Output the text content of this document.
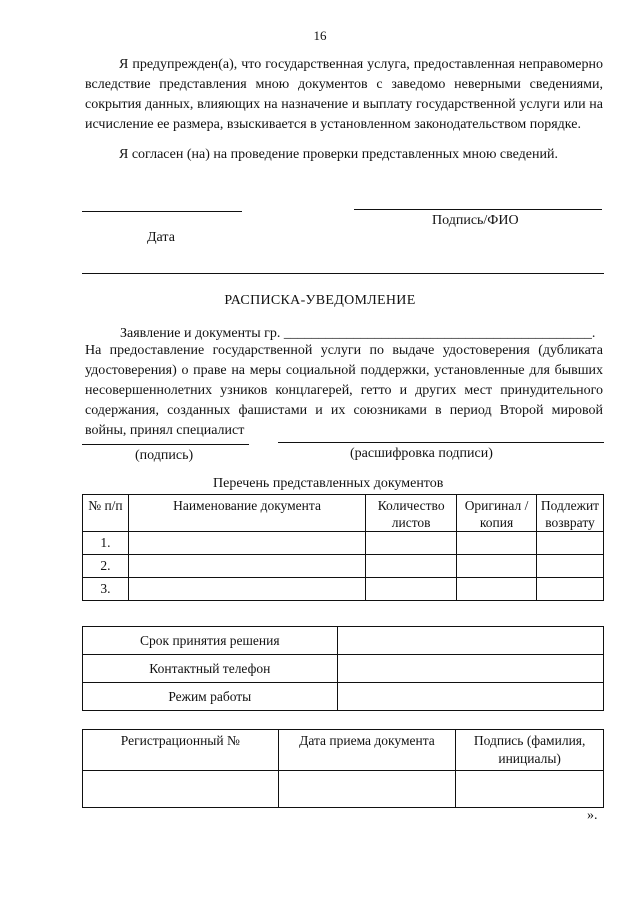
16
Я предупрежден(а), что государственная услуга, предоставленная неправомерно вследствие представления мною документов с заведомо неверными сведениями, сокрытия данных, влияющих на назначение и выплату государственной услуги или на исчисление ее размера, взыскивается в установленном законодательством порядке.
Я согласен (на) на проведение проверки представленных мною сведений.
Подпись/ФИО
Дата
РАСПИСКА-УВЕДОМЛЕНИЕ
Заявление и документы гр. ____________________________________________.
На предоставление государственной услуги по выдаче удостоверения (дубликата удостоверения) о праве на меры социальной поддержки, установленные для бывших несовершеннолетних узников концлагерей, гетто и других мест принудительного содержания, созданных фашистами и их союзниками в период Второй мировой войны, принял специалист
(подпись)	(расшифровка подписи)
Перечень представленных документов
№ п/п	Наименование документа	Количество листов	Оригинал /копия	Подлежит возврату
1.				
2.				
3.				
Срок принятия решения	
Контактный телефон	
Режим работы	
Регистрационный №	Дата приема документа	Подпись (фамилия, инициалы)

».
